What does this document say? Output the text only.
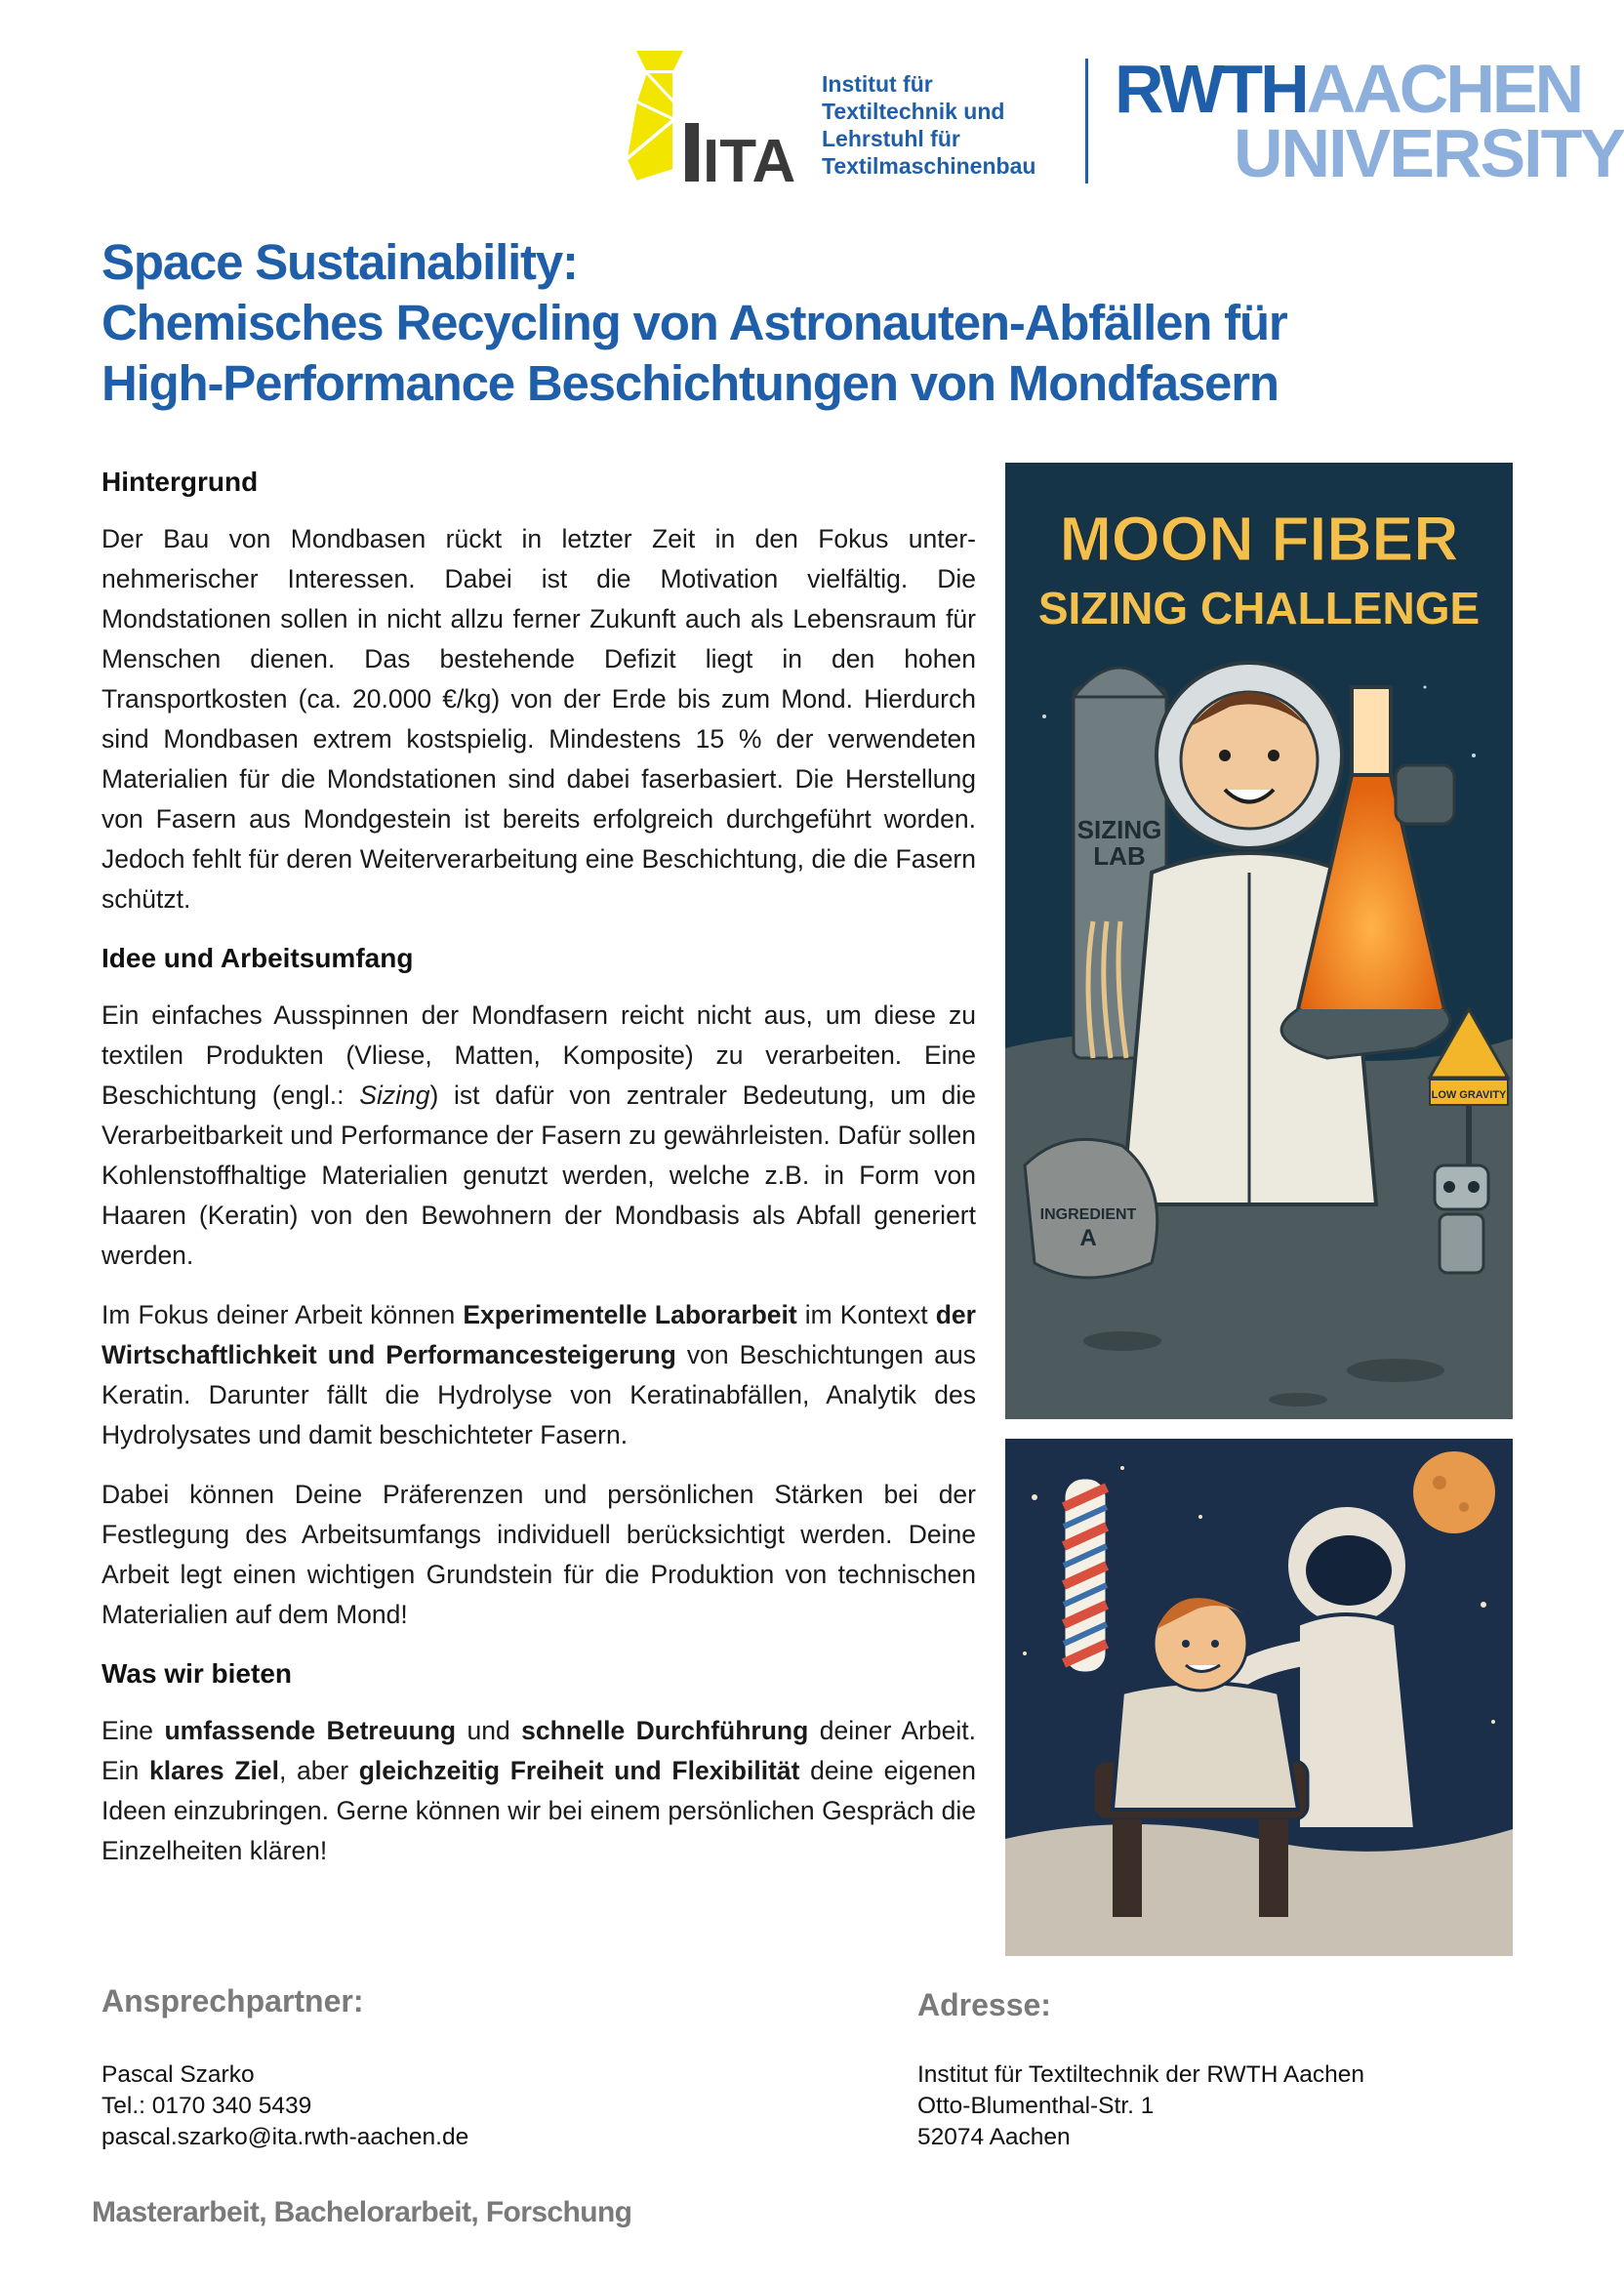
ITA
Institut für
Textiltechnik und
Lehrstuhl für
Textilmaschinenbau
RWTHAACHEN
UNIVERSITY
Space Sustainability:
Chemisches Recycling von Astronauten-Abfällen für
High-Performance Beschichtungen von Mondfasern
Hintergrund

Der Bau von Mondbasen rückt in letzter Zeit in den Fokus unternehmerischer Interessen. Dabei ist die Motivation vielfältig. Die Mondstationen sollen in nicht allzu ferner Zukunft auch als Lebensraum für Menschen dienen. Das bestehende Defizit liegt in den hohen Transportkosten (ca. 20.000 €/kg) von der Erde bis zum Mond. Hierdurch sind Mondbasen extrem kostspielig. Mindestens 15 % der verwendeten Materialien für die Mondstationen sind dabei faserbasiert. Die Herstellung von Fasern aus Mondgestein ist bereits erfolgreich durchgeführt worden. Jedoch fehlt für deren Weiterverarbeitung eine Beschichtung, die die Fasern schützt.

Idee und Arbeitsumfang

Ein einfaches Ausspinnen der Mondfasern reicht nicht aus, um diese zu textilen Produkten (Vliese, Matten, Komposite) zu verarbeiten. Eine Beschichtung (engl.: Sizing) ist dafür von zentraler Bedeutung, um die Verarbeitbarkeit und Performance der Fasern zu gewährleisten. Dafür sollen Kohlenstoffhaltige Materialien genutzt werden, welche z.B. in Form von Haaren (Keratin) von den Bewohnern der Mondbasis als Abfall generiert werden.

Im Fokus deiner Arbeit können Experimentelle Laborarbeit im Kontext der Wirtschaftlichkeit und Performancesteigerung von Beschichtungen aus Keratin. Darunter fällt die Hydrolyse von Keratinabfällen, Analytik des Hydrolysates und damit beschichteter Fasern.

Dabei können Deine Präferenzen und persönlichen Stärken bei der Festlegung des Arbeitsumfangs individuell berücksichtigt werden. Deine Arbeit legt einen wichtigen Grundstein für die Produktion von technischen Materialien auf dem Mond!

Was wir bieten

Eine umfassende Betreuung und schnelle Durchführung deiner Arbeit. Ein klares Ziel, aber gleichzeitig Freiheit und Flexibilität deine eigenen Ideen einzubringen. Gerne können wir bei einem persönlichen Gespräch die Einzelheiten klären!

SIZING
LAB
INGREDIENT
A
LOW GRAVITY
MOON FIBER
SIZING CHALLENGE
Ansprechpartner:
Pascal Szarko
Tel.: 0170 340 5439
pascal.szarko@ita.rwth-aachen.de
Adresse:
Institut für Textiltechnik der RWTH Aachen
Otto-Blumenthal-Str. 1
52074 Aachen
Masterarbeit, Bachelorarbeit, Forschung
